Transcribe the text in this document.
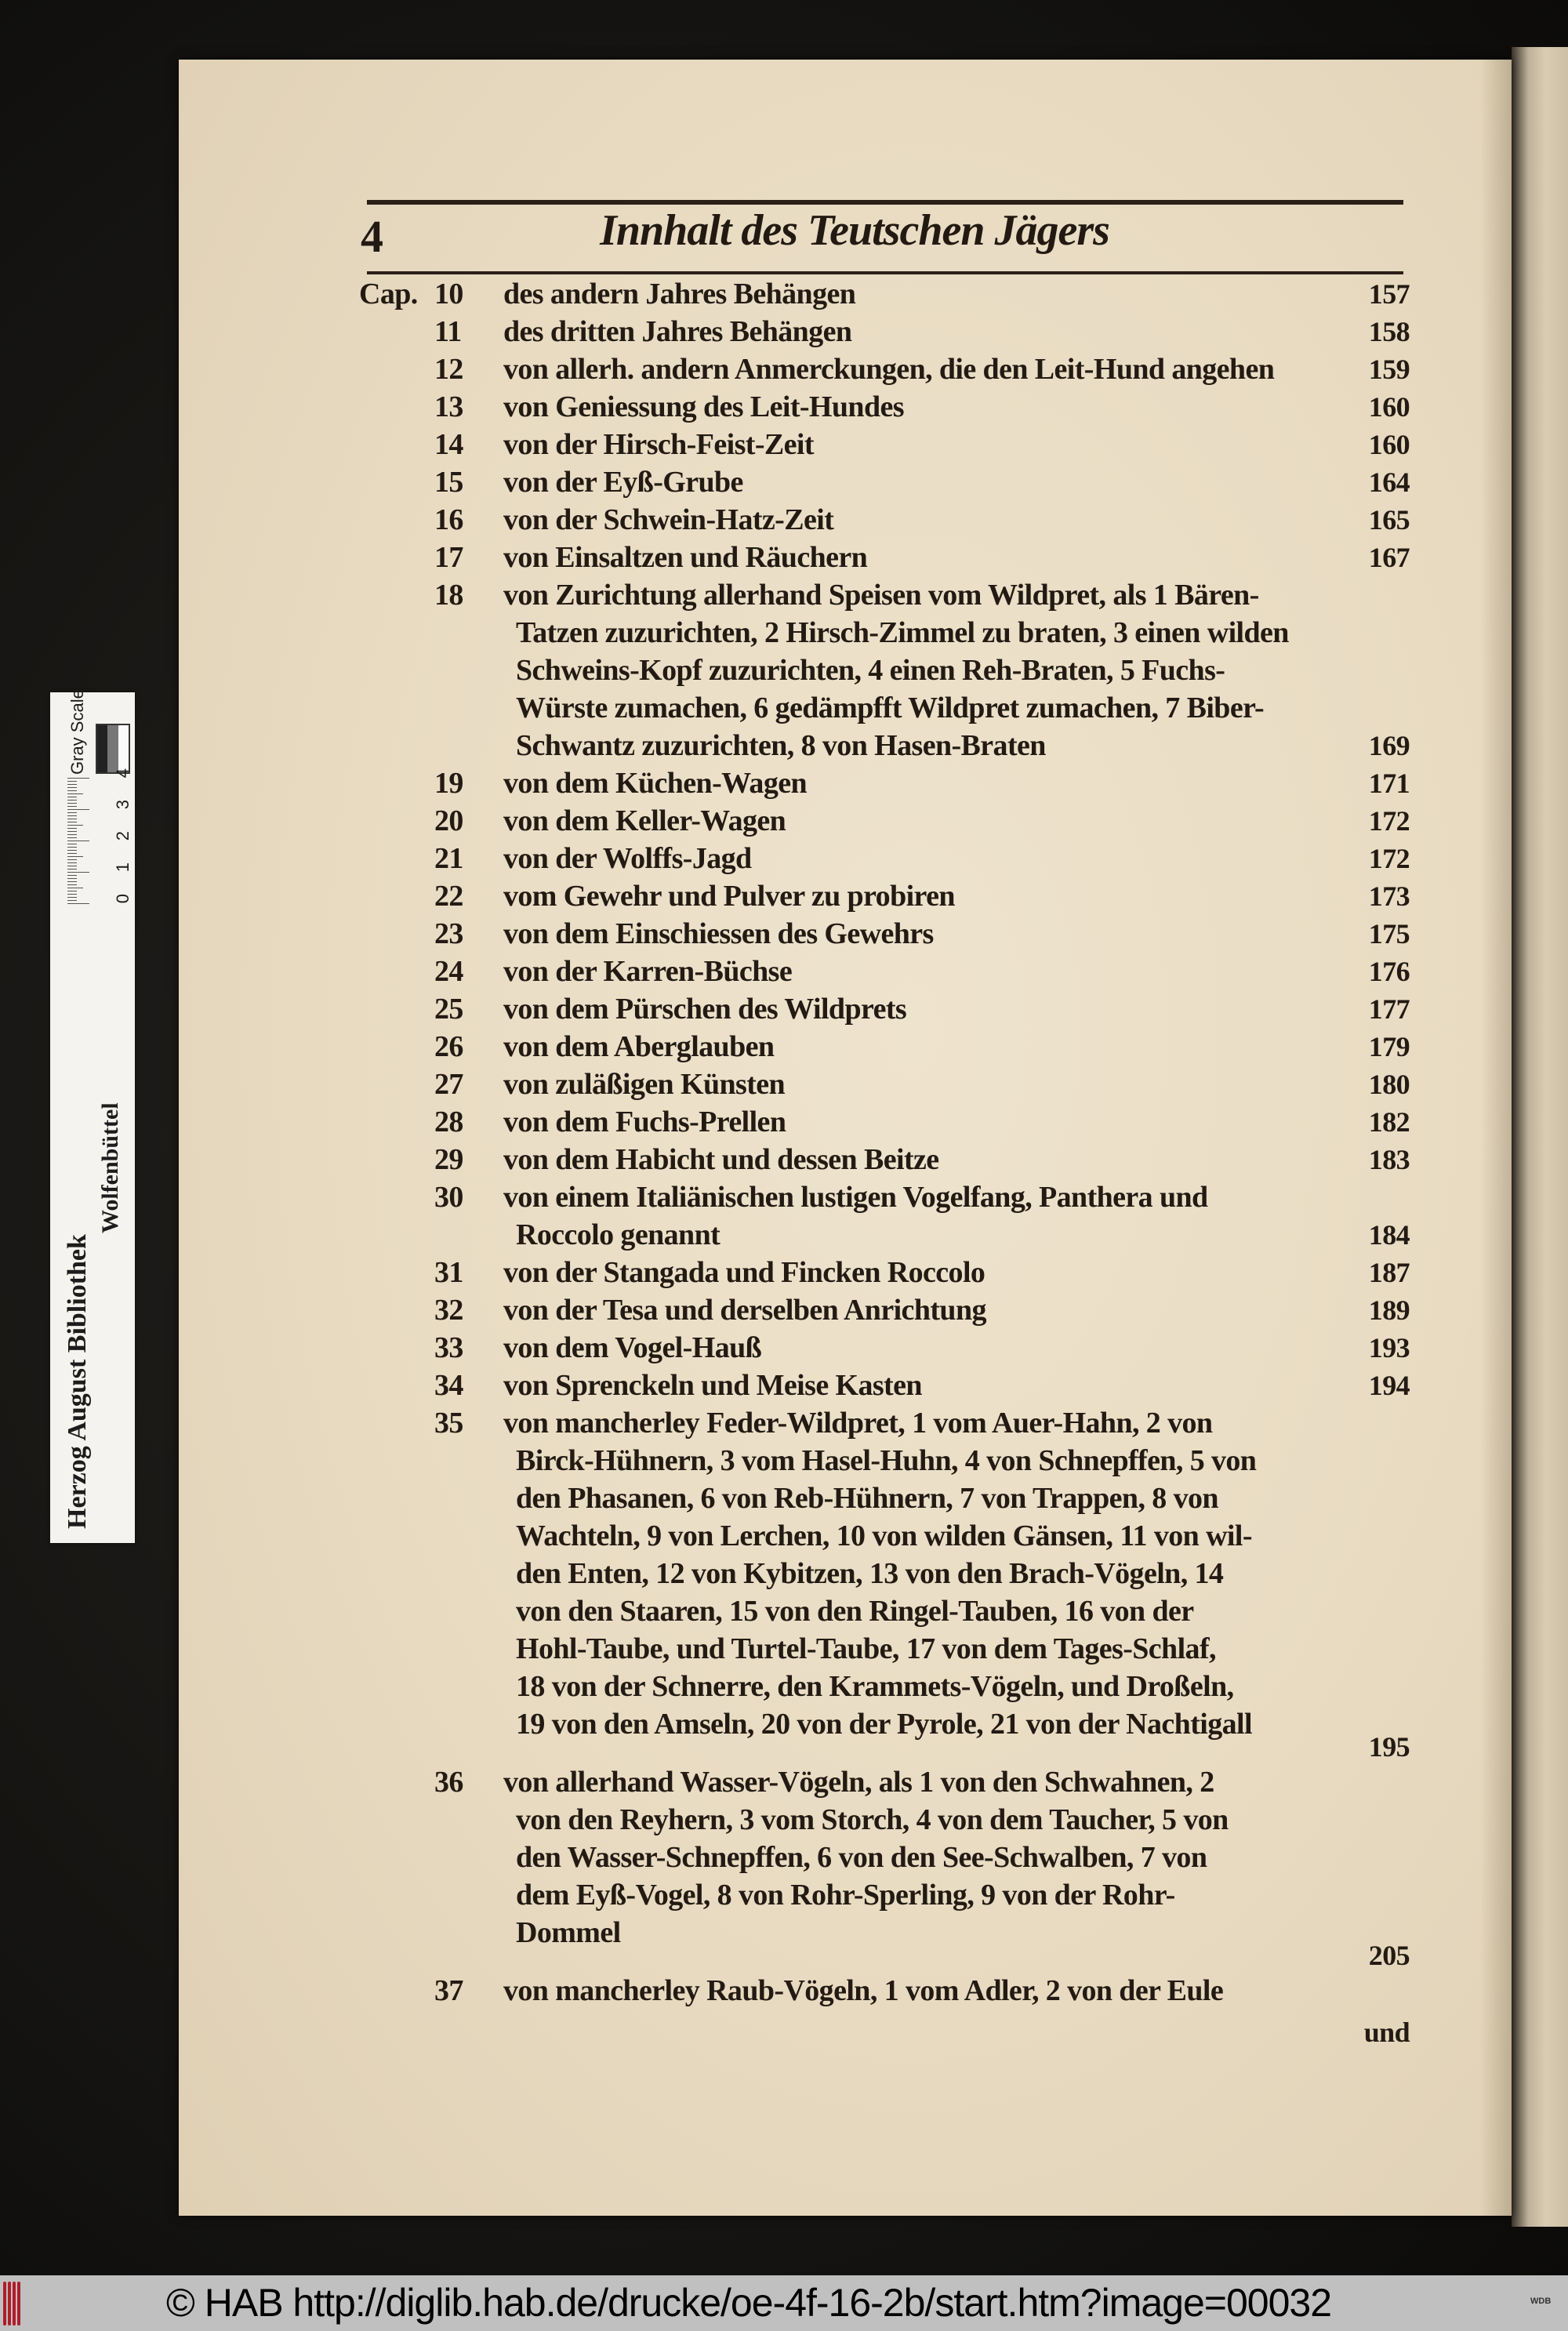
4	Innhalt des Teutschen Jägers
Cap. 10	des andern Jahres Behängen	157
11	des dritten Jahres Behängen	158
12	von allerh. andern Anmerckungen, die den Leit-Hund angehen	159
13	von Geniessung des Leit-Hundes	160
14	von der Hirsch-Feist-Zeit	160
15	von der Eyß-Grube	164
16	von der Schwein-Hatz-Zeit	165
17	von Einsaltzen und Räuchern	167
18	von Zurichtung allerhand Speisen vom Wildpret, als 1 Bären-
Tatzen zuzurichten, 2 Hirsch-Zimmel zu braten, 3 einen wilden
Schweins-Kopf zuzurichten, 4 einen Reh-Braten, 5 Fuchs-
Würste zumachen, 6 gedämpfft Wildpret zumachen, 7 Biber-
Schwantz zuzurichten, 8 von Hasen-Braten	169
19	von dem Küchen-Wagen	171
20	von dem Keller-Wagen	172
21	von der Wolffs-Jagd	172
22	vom Gewehr und Pulver zu probiren	173
23	von dem Einschiessen des Gewehrs	175
24	von der Karren-Büchse	176
25	von dem Pürschen des Wildprets	177
26	von dem Aberglauben	179
27	von zuläßigen Künsten	180
28	von dem Fuchs-Prellen	182
29	von dem Habicht und dessen Beitze	183
30	von einem Italiänischen lustigen Vogelfang, Panthera und
Roccolo genannt	184
31	von der Stangada und Fincken Roccolo	187
32	von der Tesa und derselben Anrichtung	189
33	von dem Vogel-Hauß	193
34	von Sprenckeln und Meise Kasten	194
35	von mancherley Feder-Wildpret, 1 vom Auer-Hahn, 2 von
Birck-Hühnern, 3 vom Hasel-Huhn, 4 von Schnepffen, 5 von
den Phasanen, 6 von Reb-Hühnern, 7 von Trappen, 8 von
Wachteln, 9 von Lerchen, 10 von wilden Gänsen, 11 von wil-
den Enten, 12 von Kybitzen, 13 von den Brach-Vögeln, 14
von den Staaren, 15 von den Ringel-Tauben, 16 von der
Hohl-Taube, und Turtel-Taube, 17 von dem Tages-Schlaf,
18 von der Schnerre, den Krammets-Vögeln, und Droßeln,
19 von den Amseln, 20 von der Pyrole, 21 von der Nachtigall
195
36	von allerhand Wasser-Vögeln, als 1 von den Schwahnen, 2
von den Reyhern, 3 vom Storch, 4 von dem Taucher, 5 von
den Wasser-Schnepffen, 6 von den See-Schwalben, 7 von
dem Eyß-Vogel, 8 von Rohr-Sperling, 9 von der Rohr-
Dommel
205
37	von mancherley Raub-Vögeln, 1 vom Adler, 2 von der Eule
und
Herzog August Bibliothek
Wolfenbüttel
Gray Scale
0
1
2
3
4
© HAB http://diglib.hab.de/drucke/oe-4f-16-2b/start.htm?image=00032	WDB
